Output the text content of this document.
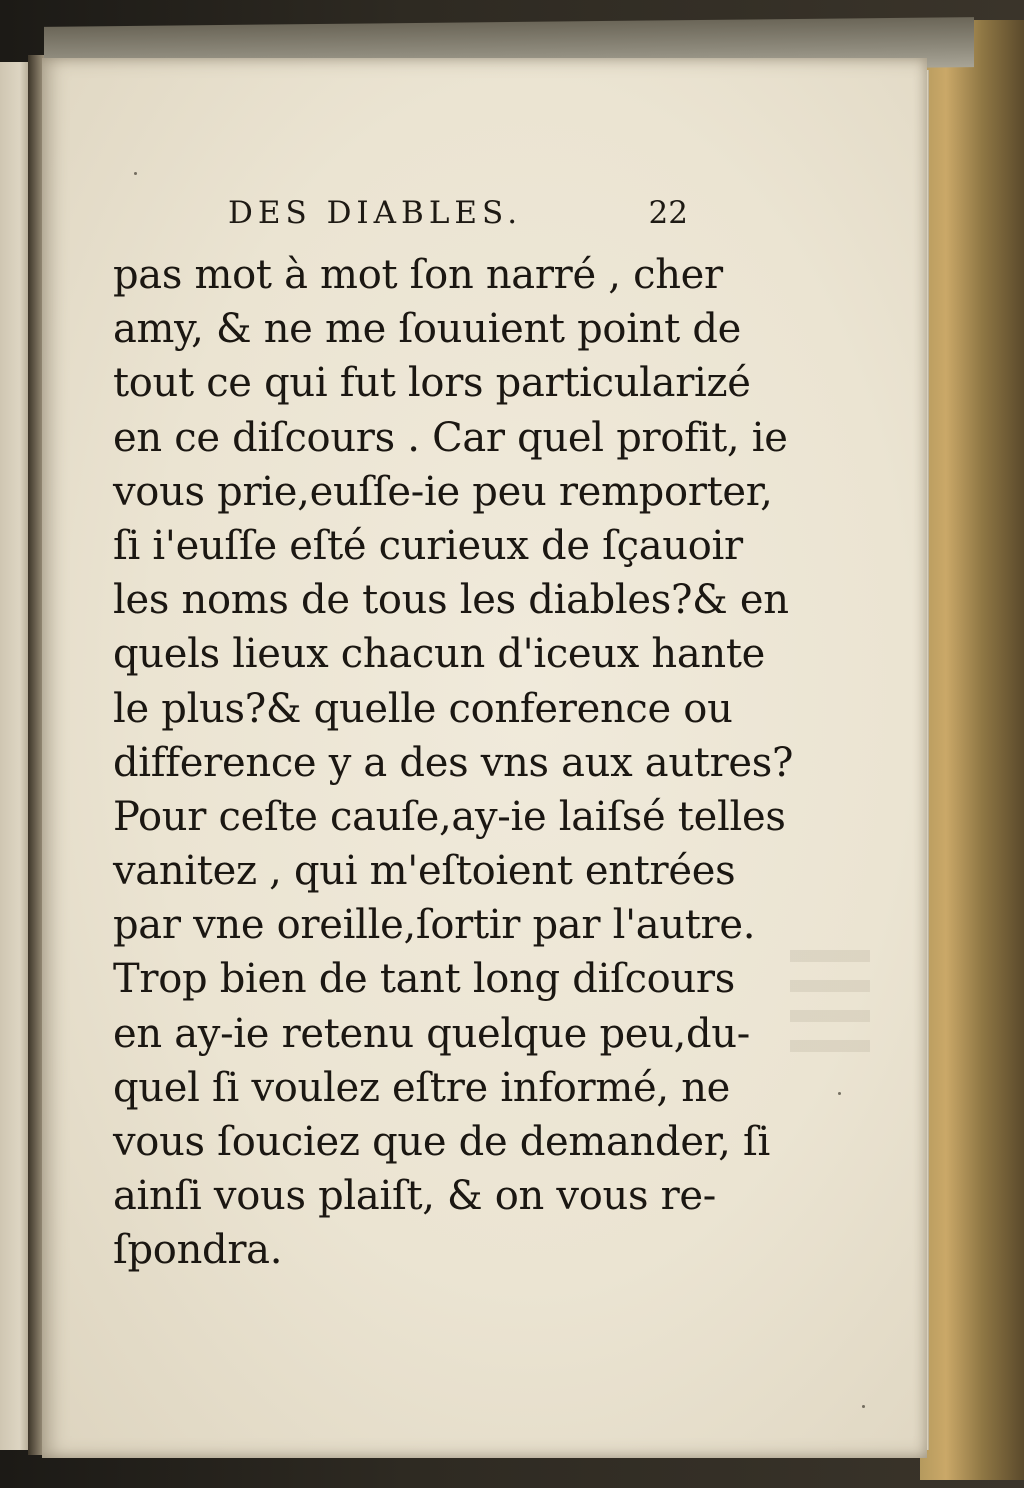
DES DIABLES.	22
pas mot à mot ſon narré , cher
amy, & ne me ſouuient point de
tout ce qui fut lors particularizé
en ce diſcours . Car quel profit, ie
vous prie,euſſe-ie peu remporter,
ſi i'euſſe eſté curieux de ſçauoir
les noms de tous les diables?& en
quels lieux chacun d'iceux hante
le plus?& quelle conference ou
difference y a des vns aux autres?
Pour ceſte cauſe,ay-ie laiſsé telles
vanitez , qui m'eſtoient entrées
par vne oreille,ſortir par l'autre.
Trop bien de tant long diſcours
en ay-ie retenu quelque peu,du-
quel ſi voulez eſtre informé, ne
vous ſouciez que de demander, ſi
ainſi vous plaiſt, & on vous re-
ſpondra.
